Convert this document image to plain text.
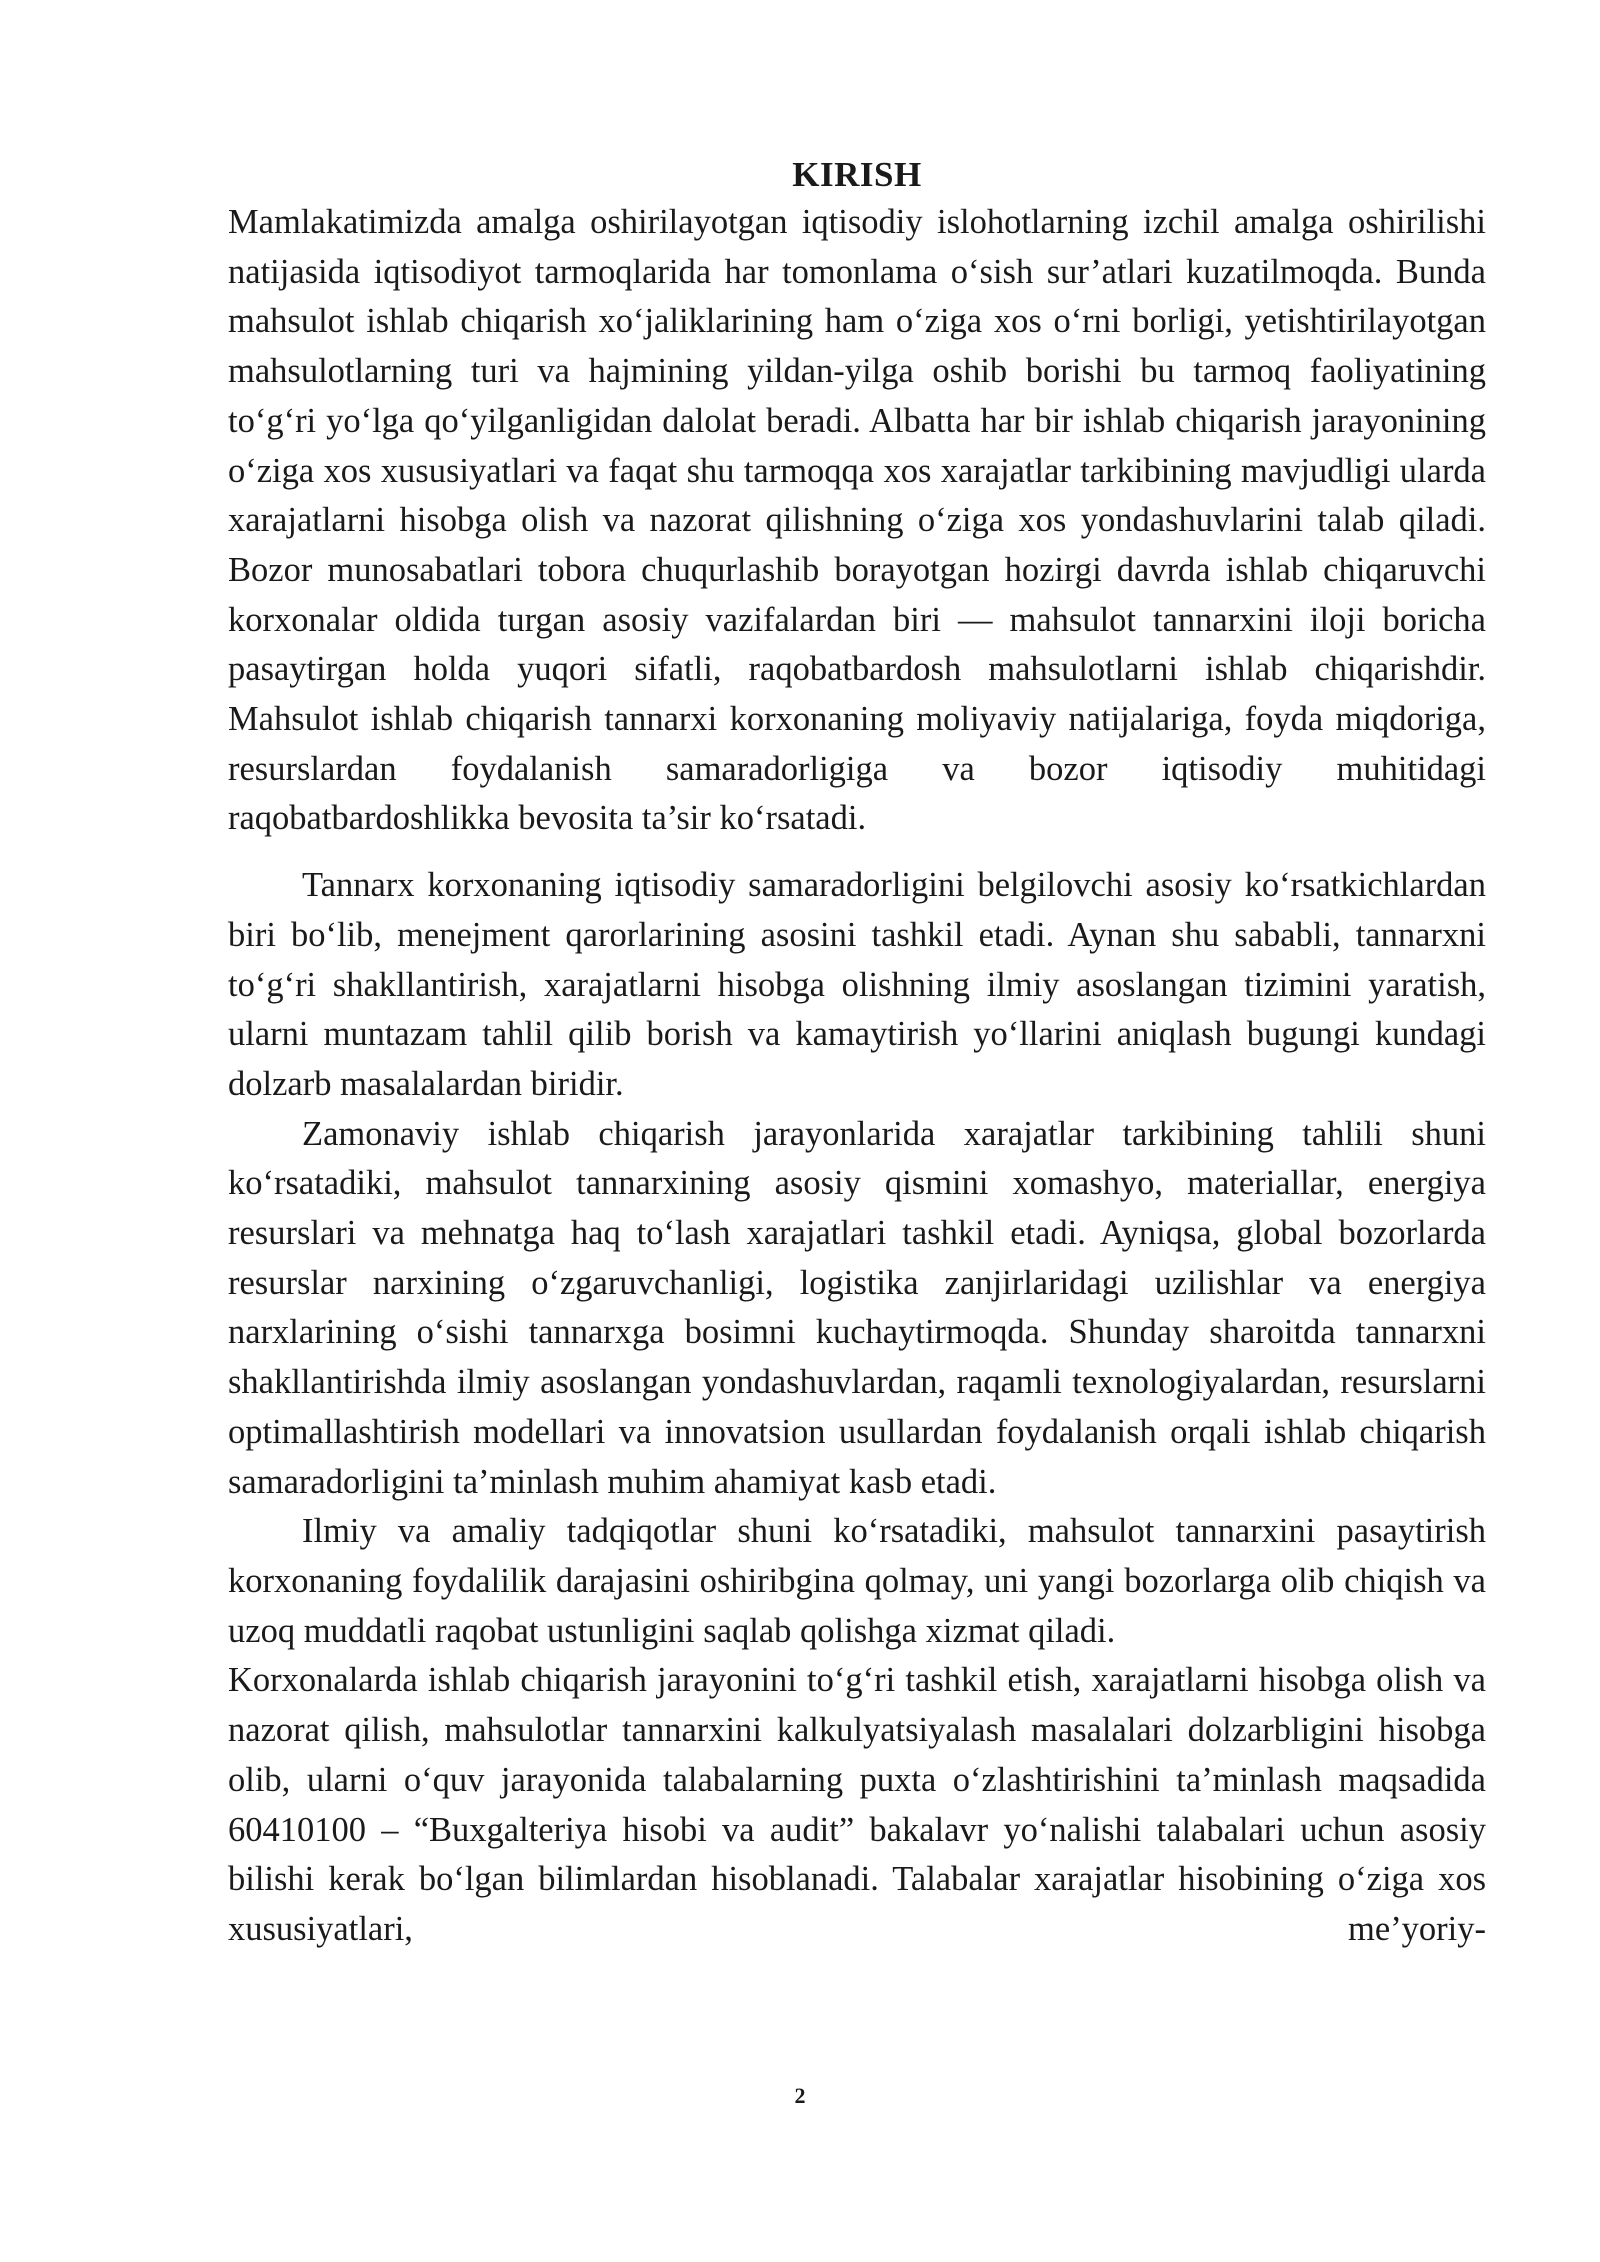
KIRISH

Mamlakatimizda amalga oshirilayotgan iqtisodiy islohotlarning izchil amalga oshirilishi natijasida iqtisodiyot tarmoqlarida har tomonlama oʻsish sur’atlari kuzatilmoqda. Bunda mahsulot ishlab chiqarish xoʻjaliklarining ham oʻziga xos oʻrni borligi, yetishtirilayotgan mahsulotlarning turi va hajmining yildan-yilga oshib borishi bu tarmoq faoliyatining toʻgʻri yoʻlga qoʻyilganligidan dalolat beradi. Albatta har bir ishlab chiqarish jarayonining oʻziga xos xususiyatlari va faqat shu tarmoqqa xos xarajatlar tarkibining mavjudligi ularda xarajatlarni hisobga olish va nazorat qilishning oʻziga xos yondashuvlarini talab qiladi. Bozor munosabatlari tobora chuqurlashib borayotgan hozirgi davrda ishlab chiqaruvchi korxonalar oldida turgan asosiy vazifalardan biri — mahsulot tannarxini iloji boricha pasaytirgan holda yuqori sifatli, raqobatbardosh mahsulotlarni ishlab chiqarishdir. Mahsulot ishlab chiqarish tannarxi korxonaning moliyaviy natijalariga, foyda miqdoriga, resurslardan foydalanish samaradorligiga va bozor iqtisodiy muhitidagi raqobatbardoshlikka bevosita ta’sir koʻrsatadi.

Tannarx korxonaning iqtisodiy samaradorligini belgilovchi asosiy koʻrsatkichlardan biri boʻlib, menejment qarorlarining asosini tashkil etadi. Aynan shu sababli, tannarxni toʻgʻri shakllantirish, xarajatlarni hisobga olishning ilmiy asoslangan tizimini yaratish, ularni muntazam tahlil qilib borish va kamaytirish yoʻllarini aniqlash bugungi kundagi dolzarb masalalardan biridir.

Zamonaviy ishlab chiqarish jarayonlarida xarajatlar tarkibining tahlili shuni koʻrsatadiki, mahsulot tannarxining asosiy qismini xomashyo, materiallar, energiya resurslari va mehnatga haq toʻlash xarajatlari tashkil etadi. Ayniqsa, global bozorlarda resurslar narxining oʻzgaruvchanligi, logistika zanjirlaridagi uzilishlar va energiya narxlarining oʻsishi tannarxga bosimni kuchaytirmoqda. Shunday sharoitda tannarxni shakllantirishda ilmiy asoslangan yondashuvlardan, raqamli texnologiyalardan, resurslarni optimallashtirish modellari va innovatsion usullardan foydalanish orqali ishlab chiqarish samaradorligini ta’minlash muhim ahamiyat kasb etadi.

Ilmiy va amaliy tadqiqotlar shuni koʻrsatadiki, mahsulot tannarxini pasaytirish korxonaning foydalilik darajasini oshiribgina qolmay, uni yangi bozorlarga olib chiqish va uzoq muddatli raqobat ustunligini saqlab qolishga xizmat qiladi.

Korxonalarda ishlab chiqarish jarayonini toʻgʻri tashkil etish, xarajatlarni hisobga olish va nazorat qilish, mahsulotlar tannarxini kalkulyatsiyalash masalalari dolzarbligini hisobga olib, ularni oʻquv jarayonida talabalarning puxta oʻzlashtirishini ta’minlash maqsadida 60410100 – “Buxgalteriya hisobi va audit” bakalavr yoʻnalishi talabalari uchun asosiy bilishi kerak boʻlgan bilimlardan hisoblanadi. Talabalar xarajatlar hisobining oʻziga xos xususiyatlari, me’yoriy-

2
